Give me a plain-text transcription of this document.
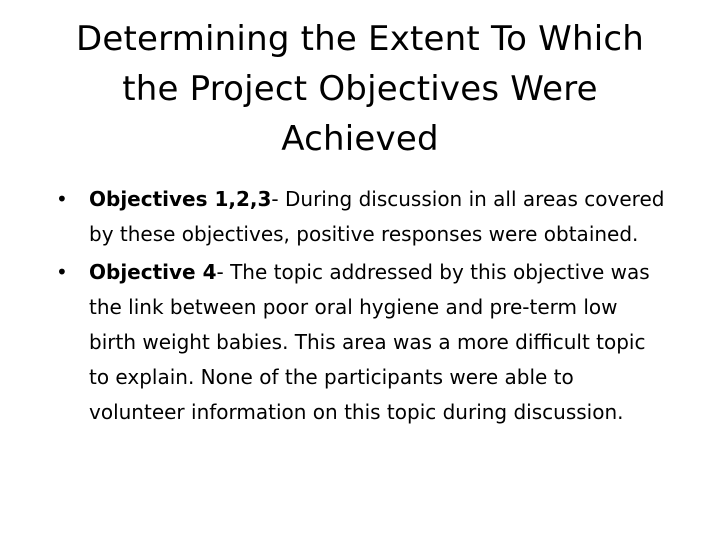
Determining the Extent To Which
the Project Objectives Were
Achieved
• Objectives 1,2,3- During discussion in all areas covered by these objectives, positive responses were obtained.
• Objective 4- The topic addressed by this objective was the link between poor oral hygiene and pre-term low birth weight babies. This area was a more difficult topic to explain. None of the participants were able to volunteer information on this topic during discussion.
